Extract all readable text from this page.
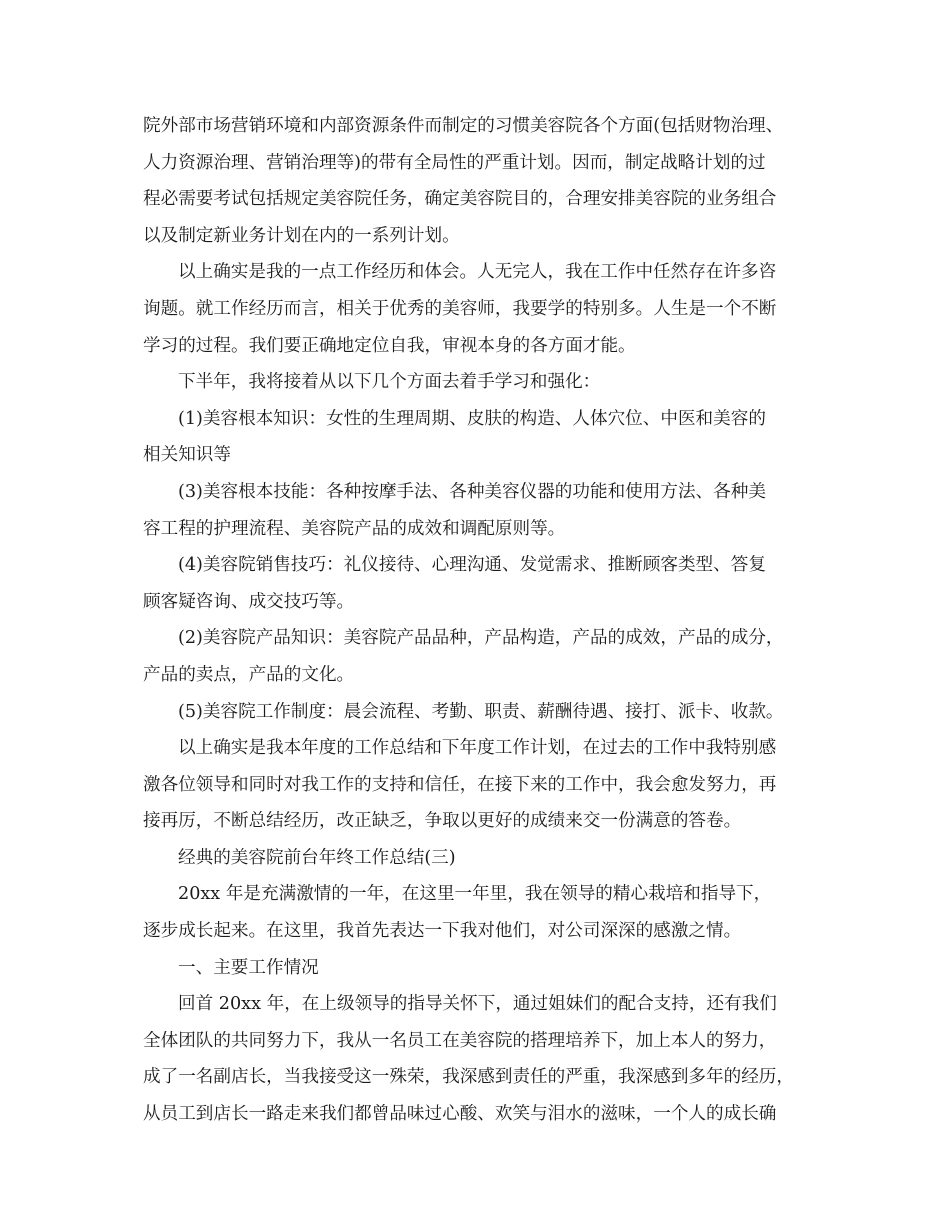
院外部市场营销环境和内部资源条件而制定的习惯美容院各个方面(包括财物治理、
人力资源治理、营销治理等)的带有全局性的严重计划。因而，制定战略计划的过
程必需要考试包括规定美容院任务，确定美容院目的，合理安排美容院的业务组合
以及制定新业务计划在内的一系列计划。
以上确实是我的一点工作经历和体会。人无完人，我在工作中任然存在许多咨
询题。就工作经历而言，相关于优秀的美容师，我要学的特别多。人生是一个不断
学习的过程。我们要正确地定位自我，审视本身的各方面才能。
下半年，我将接着从以下几个方面去着手学习和强化：
(1)美容根本知识：女性的生理周期、皮肤的构造、人体穴位、中医和美容的
相关知识等
(3)美容根本技能：各种按摩手法、各种美容仪器的功能和使用方法、各种美
容工程的护理流程、美容院产品的成效和调配原则等。
(4)美容院销售技巧：礼仪接待、心理沟通、发觉需求、推断顾客类型、答复
顾客疑咨询、成交技巧等。
(2)美容院产品知识：美容院产品品种，产品构造，产品的成效，产品的成分，
产品的卖点，产品的文化。
(5)美容院工作制度：晨会流程、考勤、职责、薪酬待遇、接打、派卡、收款。
以上确实是我本年度的工作总结和下年度工作计划，在过去的工作中我特别感
激各位领导和同时对我工作的支持和信任，在接下来的工作中，我会愈发努力，再
接再厉，不断总结经历，改正缺乏，争取以更好的成绩来交一份满意的答卷。
经典的美容院前台年终工作总结(三)
20xx 年是充满激情的一年，在这里一年里，我在领导的精心栽培和指导下，
逐步成长起来。在这里，我首先表达一下我对他们，对公司深深的感激之情。
一、主要工作情况
回首 20xx 年，在上级领导的指导关怀下，通过姐妹们的配合支持，还有我们
全体团队的共同努力下，我从一名员工在美容院的搭理培养下，加上本人的努力，
成了一名副店长，当我接受这一殊荣，我深感到责任的严重，我深感到多年的经历，
从员工到店长一路走来我们都曾品味过心酸、欢笑与泪水的滋味，一个人的成长确
